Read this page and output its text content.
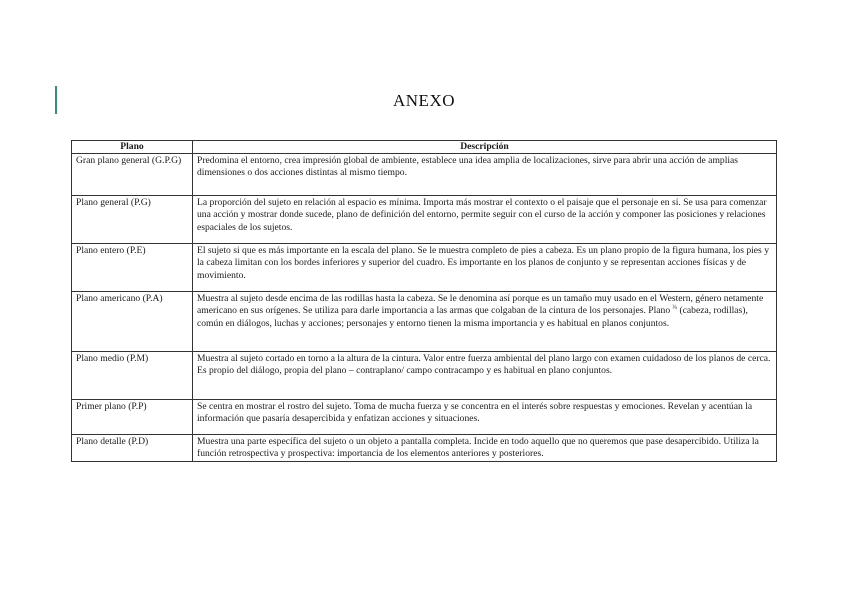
ANEXO
Plano	Descripción
Gran plano general (G.P.G)	Predomina el entorno, crea impresión global de ambiente, establece una idea amplia de localizaciones, sirve para abrir una acción de amplias dimensiones o dos acciones distintas al mismo tiempo.
Plano general (P.G)	La proporción del sujeto en relación al espacio es mínima. Importa más mostrar el contexto o el paisaje que el personaje en sí. Se usa para comenzar una acción y mostrar donde sucede, plano de definición del entorno, permite seguir con el curso de la acción y componer las posiciones y relaciones espaciales de los sujetos.
Plano entero (P.E)	El sujeto si que es más importante en la escala del plano. Se le muestra completo de pies a cabeza. Es un plano propio de la figura humana, los pies y la cabeza limitan con los bordes inferiores y superior del cuadro. Es importante en los planos de conjunto y se representan acciones físicas y de movimiento.
Plano americano (P.A)	Muestra al sujeto desde encima de las rodillas hasta la cabeza. Se le denomina así porque es un tamaño muy usado en el Western, género netamente americano en sus orígenes. Se utiliza para darle importancia a las armas que colgaban de la cintura de los personajes. Plano $^{\frac{3}{4}}$ (cabeza, rodillas), común en diálogos, luchas y acciones; personajes y entorno tienen la misma importancia y es habitual en planos conjuntos.
Plano medio (P.M)	Muestra al sujeto cortado en torno a la altura de la cintura. Valor entre fuerza ambiental del plano largo con examen cuidadoso de los planos de cerca. Es propio del diálogo, propia del plano – contraplano/ campo contracampo y es habitual en plano conjuntos.
Primer plano (P.P)	Se centra en mostrar el rostro del sujeto. Toma de mucha fuerza y se concentra en el interés sobre respuestas y emociones. Revelan y acentúan la información que pasaría desapercibida y enfatizan acciones y situaciones.
Plano detalle (P.D)	Muestra una parte específica del sujeto o un objeto a pantalla completa. Incide en todo aquello que no queremos que pase desapercibido. Utiliza la función retrospectiva y prospectiva: importancia de los elementos anteriores y posteriores.
